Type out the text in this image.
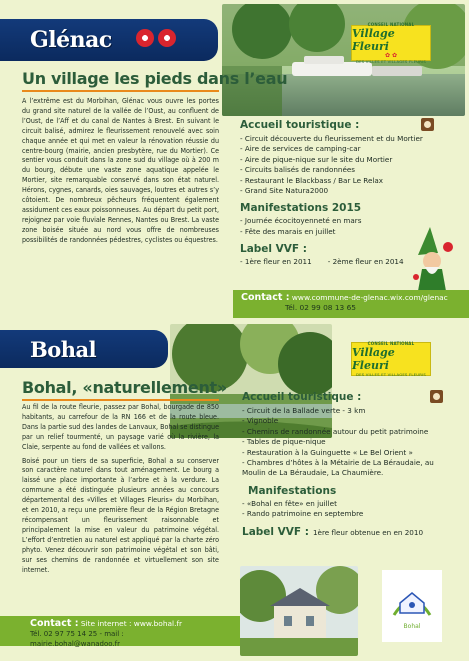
Glénac
CONSEIL NATIONAL
Village Fleuri
✿ ✿
DES VILLES ET VILLAGES FLEURIS
Un village les pieds dans l’eau

A l’extrême est du Morbihan, Glénac vous ouvre les portes du grand site naturel de la vallée de l’Oust, au confluent de l’Oust, de l’Aff et du canal de Nantes à Brest. En suivant le circuit balisé, admirez le fleurissement renouvelé avec soin chaque année et qui met en valeur la rénovation réussie du centre-bourg (mairie, ancien presbytère, rue du Mortier). Ce sentier vous conduit dans la zone sud du village où à 200 m du bourg, débute une vaste zone aquatique appelée le Mortier, site remarquable conservé dans son état naturel. Hérons, cygnes, canards, oies sauvages, loutres et autres s’y côtoient. De nombreux pêcheurs fréquentent également assidument ces eaux poissonneuses. Au départ du petit port, rejoignez par voie fluviale Rennes, Nantes ou Brest. La vaste zone boisée située au nord vous offre de nombreuses possibilités de randonnées pédestres, cyclistes ou équestres.

Accueil touristique :
- Circuit découverte du fleurissement et du Mortier
- Aire de services de camping-car
- Aire de pique-nique sur le site du Mortier
- Circuits balisés de randonnées
- Restaurant le Blackbass / Bar Le Relax
- Grand Site Natura2000
Manifestations 2015
- Journée écocitoyenneté en mars
- Fête des marais en juillet
Label VVF :
- 1ère fleur en 2011 - 2ème fleur en 2014
Contact : www.commune-de-glenac.wix.com/glenac
Tél. 02 99 08 13 65
Bohal	CONSEIL NATIONAL
Village Fleuri
DES VILLES ET VILLAGES FLEURIS
Bohal, «naturellement»

Au fil de la route fleurie, passez par Bohal, bourgade de 850 habitants, au carrefour de la RN 166 et de la route bleue. Dans la partie sud des landes de Lanvaux, Bohal se distingue par un relief tourmenté, un paysage varié où la rivière, la Claie, serpente au fond de vallées et vallons.

Boisé pour un tiers de sa superficie, Bohal a su conserver son caractère naturel dans tout aménagement. Le bourg a laissé une place importante à l’arbre et à la verdure. La commune a été distinguée plusieurs années au concours départemental des «Villes et Villages Fleuris» du Morbihan, et en 2010, a reçu une première fleur de la Région Bretagne récompensant un fleurissement raisonnable et principalement la mise en valeur du patrimoine végétal. L’effort d’entretien au naturel est appliqué par la charte zéro phyto. Venez découvrir son patrimoine végétal et son bâti, sur ses chemins de randonnée et virtuellement son site internet.

Accueil touristique :
- Circuit de la Ballade verte - 3 km
- Vignoble
- Chemins de randonnée autour du petit patrimoine
- Tables de pique-nique
- Restauration à la Guinguette « Le Bel Orient »
- Chambres d’hôtes à la Métairie de La Béraudaie, au Moulin de La Béraudaie, La Chaumière.
Manifestations
- «Bohal en fête» en juillet
- Rando patrimoine en septembre
Label VVF : 1ère fleur obtenue en en 2010
Bohal
Contact : Site internet : www.bohal.fr
Tél. 02 97 75 14 25 - mail : mairie.bohal@wanadoo.fr
